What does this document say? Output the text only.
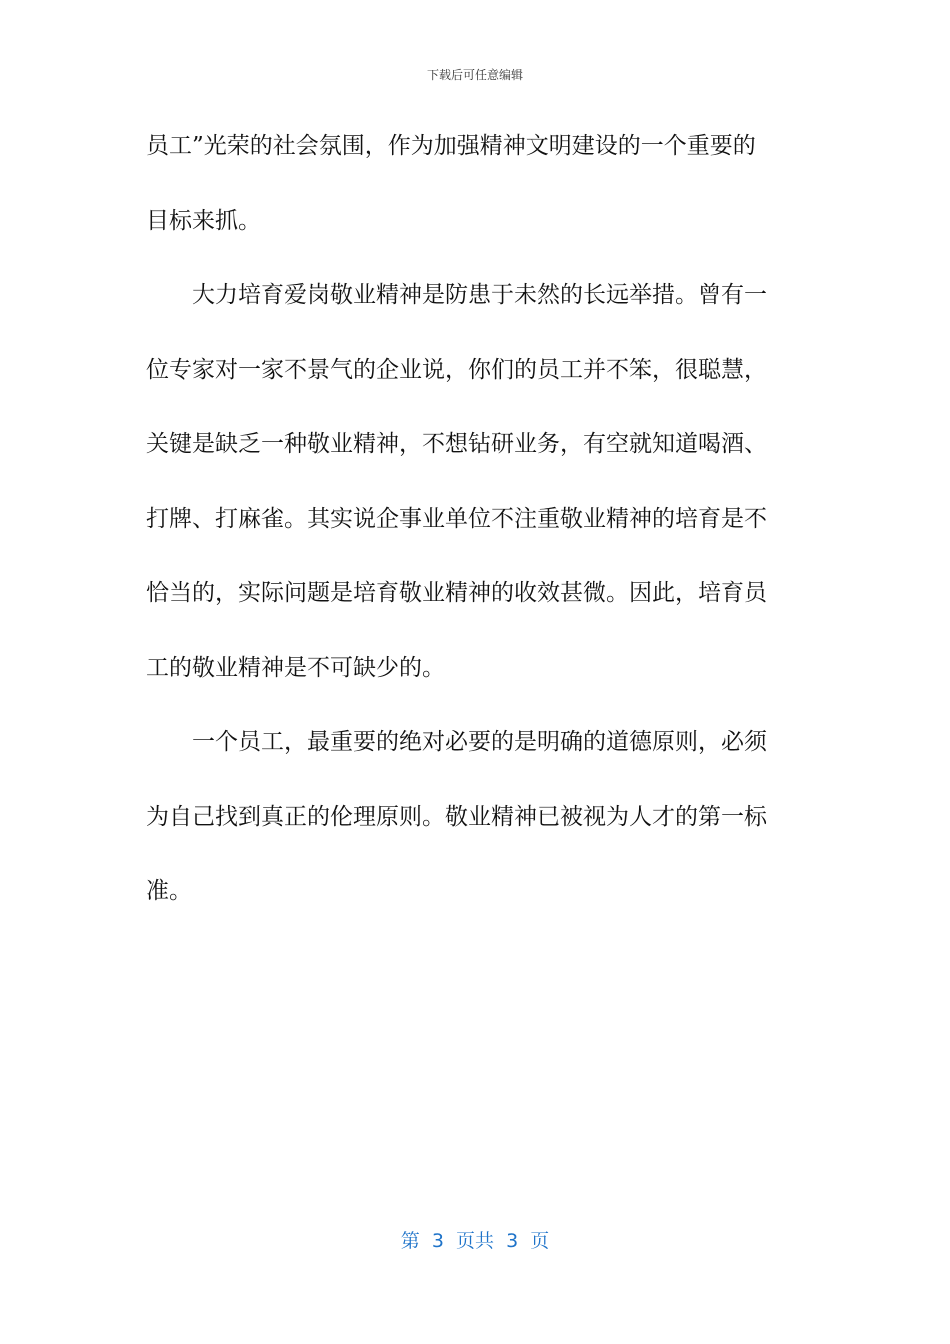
下载后可任意编辑
员工”光荣的社会氛围，作为加强精神文明建设的一个重要的
目标来抓。
　　大力培育爱岗敬业精神是防患于未然的长远举措。曾有一
位专家对一家不景气的企业说，你们的员工并不笨，很聪慧，
关键是缺乏一种敬业精神，不想钻研业务，有空就知道喝酒、
打牌、打麻雀。其实说企事业单位不注重敬业精神的培育是不
恰当的，实际问题是培育敬业精神的收效甚微。因此，培育员
工的敬业精神是不可缺少的。
　　一个员工，最重要的绝对必要的是明确的道德原则，必须
为自己找到真正的伦理原则。敬业精神已被视为人才的第一标
准。
第  3  页共  3  页
